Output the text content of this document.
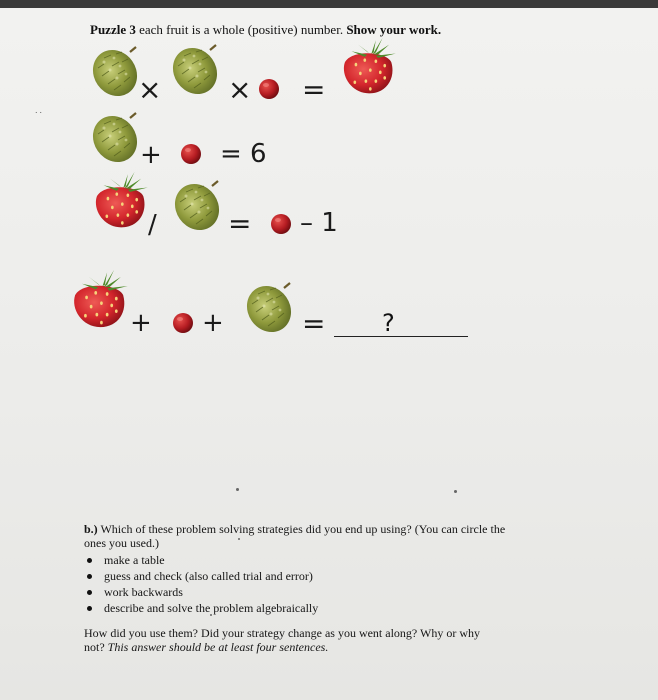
Puzzle 3 each fruit is a whole (positive) number. Show your work.
× × =
+ = 6
/	= – 1
+ +	= ?
˙˙
b.) Which of these problem solving strategies did you end up using? (You can circle the
ones you used.)
make a table
guess and check (also called trial and error)
work backwards
describe and solve the problem algebraically
How did you use them? Did your strategy change as you went along? Why or why
not? This answer should be at least four sentences.
